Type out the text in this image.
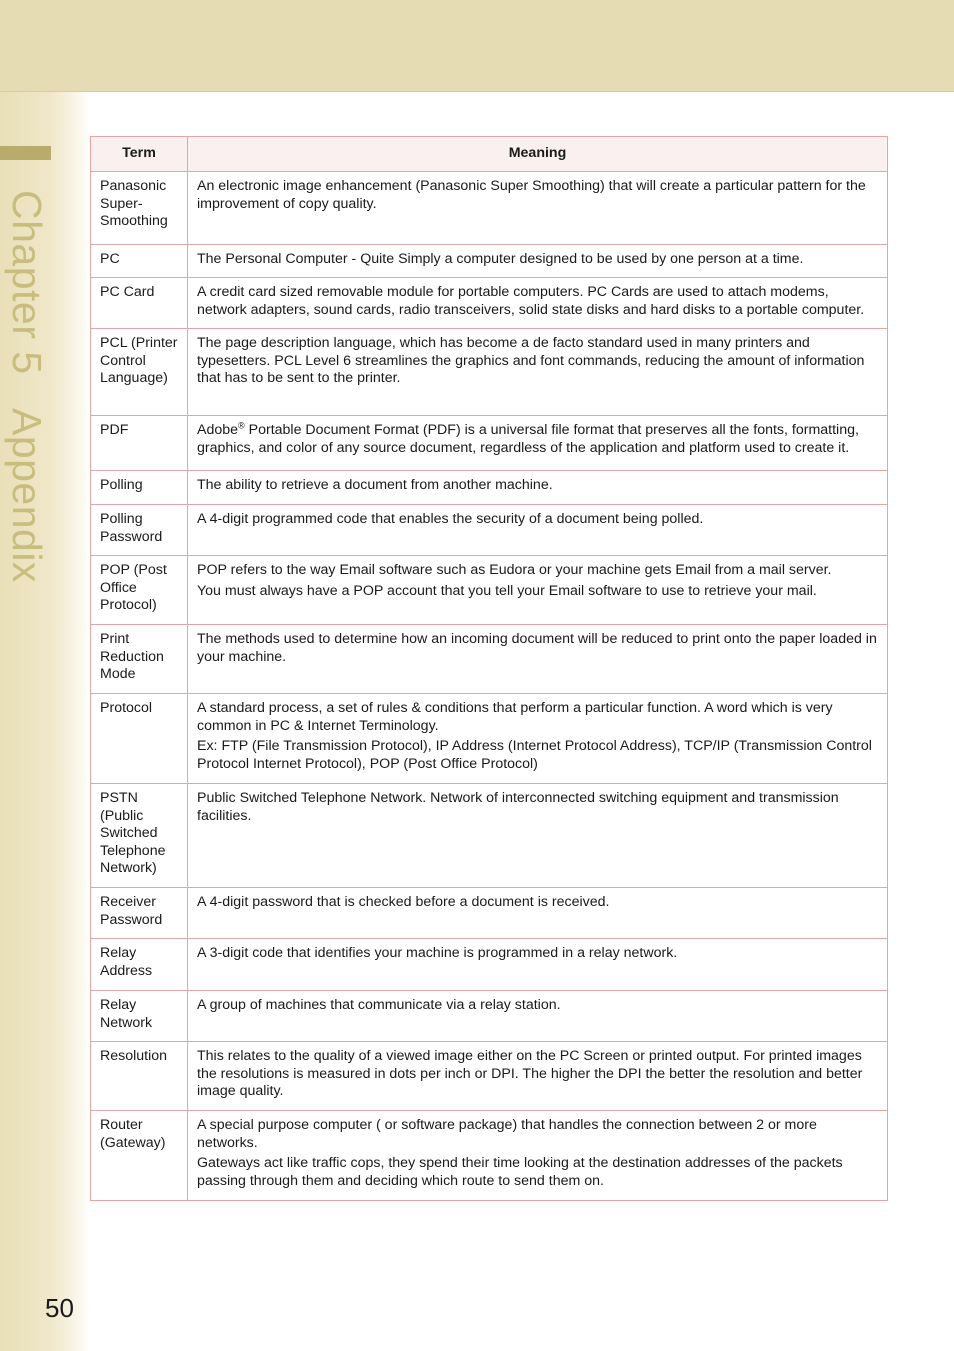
Chapter 5   Appendix
50
Term	Meaning
Panasonic Super-Smoothing	An electronic image enhancement (Panasonic Super Smoothing) that will create a particular pattern for the improvement of copy quality.

PC	The Personal Computer - Quite Simply a computer designed to be used by one person at a time.

PC Card	A credit card sized removable module for portable computers. PC Cards are used to attach modems, network adapters, sound cards, radio transceivers, solid state disks and hard disks to a portable computer.

PCL (Printer Control Language)	The page description language, which has become a de facto standard used in many printers and typesetters. PCL Level 6 streamlines the graphics and font commands, reducing the amount of information that has to be sent to the printer.

PDF	Adobe® Portable Document Format (PDF) is a universal file format that preserves all the fonts, formatting, graphics, and color of any source document, regardless of the application and platform used to create it.

Polling	The ability to retrieve a document from another machine.

Polling Password	A 4-digit programmed code that enables the security of a document being polled.

POP (Post Office Protocol)	POP refers to the way Email software such as Eudora or your machine gets Email from a mail server.

You must always have a POP account that you tell your Email software to use to retrieve your mail.

Print Reduction Mode	The methods used to determine how an incoming document will be reduced to print onto the paper loaded in your machine.

Protocol	A standard process, a set of rules & conditions that perform a particular function. A word which is very common in PC & Internet Terminology.

Ex: FTP (File Transmission Protocol), IP Address (Internet Protocol Address), TCP/IP (Transmission Control Protocol Internet Protocol), POP (Post Office Protocol)

PSTN (Public Switched Telephone Network)	Public Switched Telephone Network. Network of interconnected switching equipment and transmission facilities.

Receiver Password	A 4-digit password that is checked before a document is received.

Relay Address	A 3-digit code that identifies your machine is programmed in a relay network.

Relay Network	A group of machines that communicate via a relay station.

Resolution	This relates to the quality of a viewed image either on the PC Screen or printed output. For printed images the resolutions is measured in dots per inch or DPI. The higher the DPI the better the resolution and better image quality.

Router (Gateway)	A special purpose computer ( or software package) that handles the connection between 2 or more networks.

Gateways act like traffic cops, they spend their time looking at the destination addresses of the packets passing through them and deciding which route to send them on.
